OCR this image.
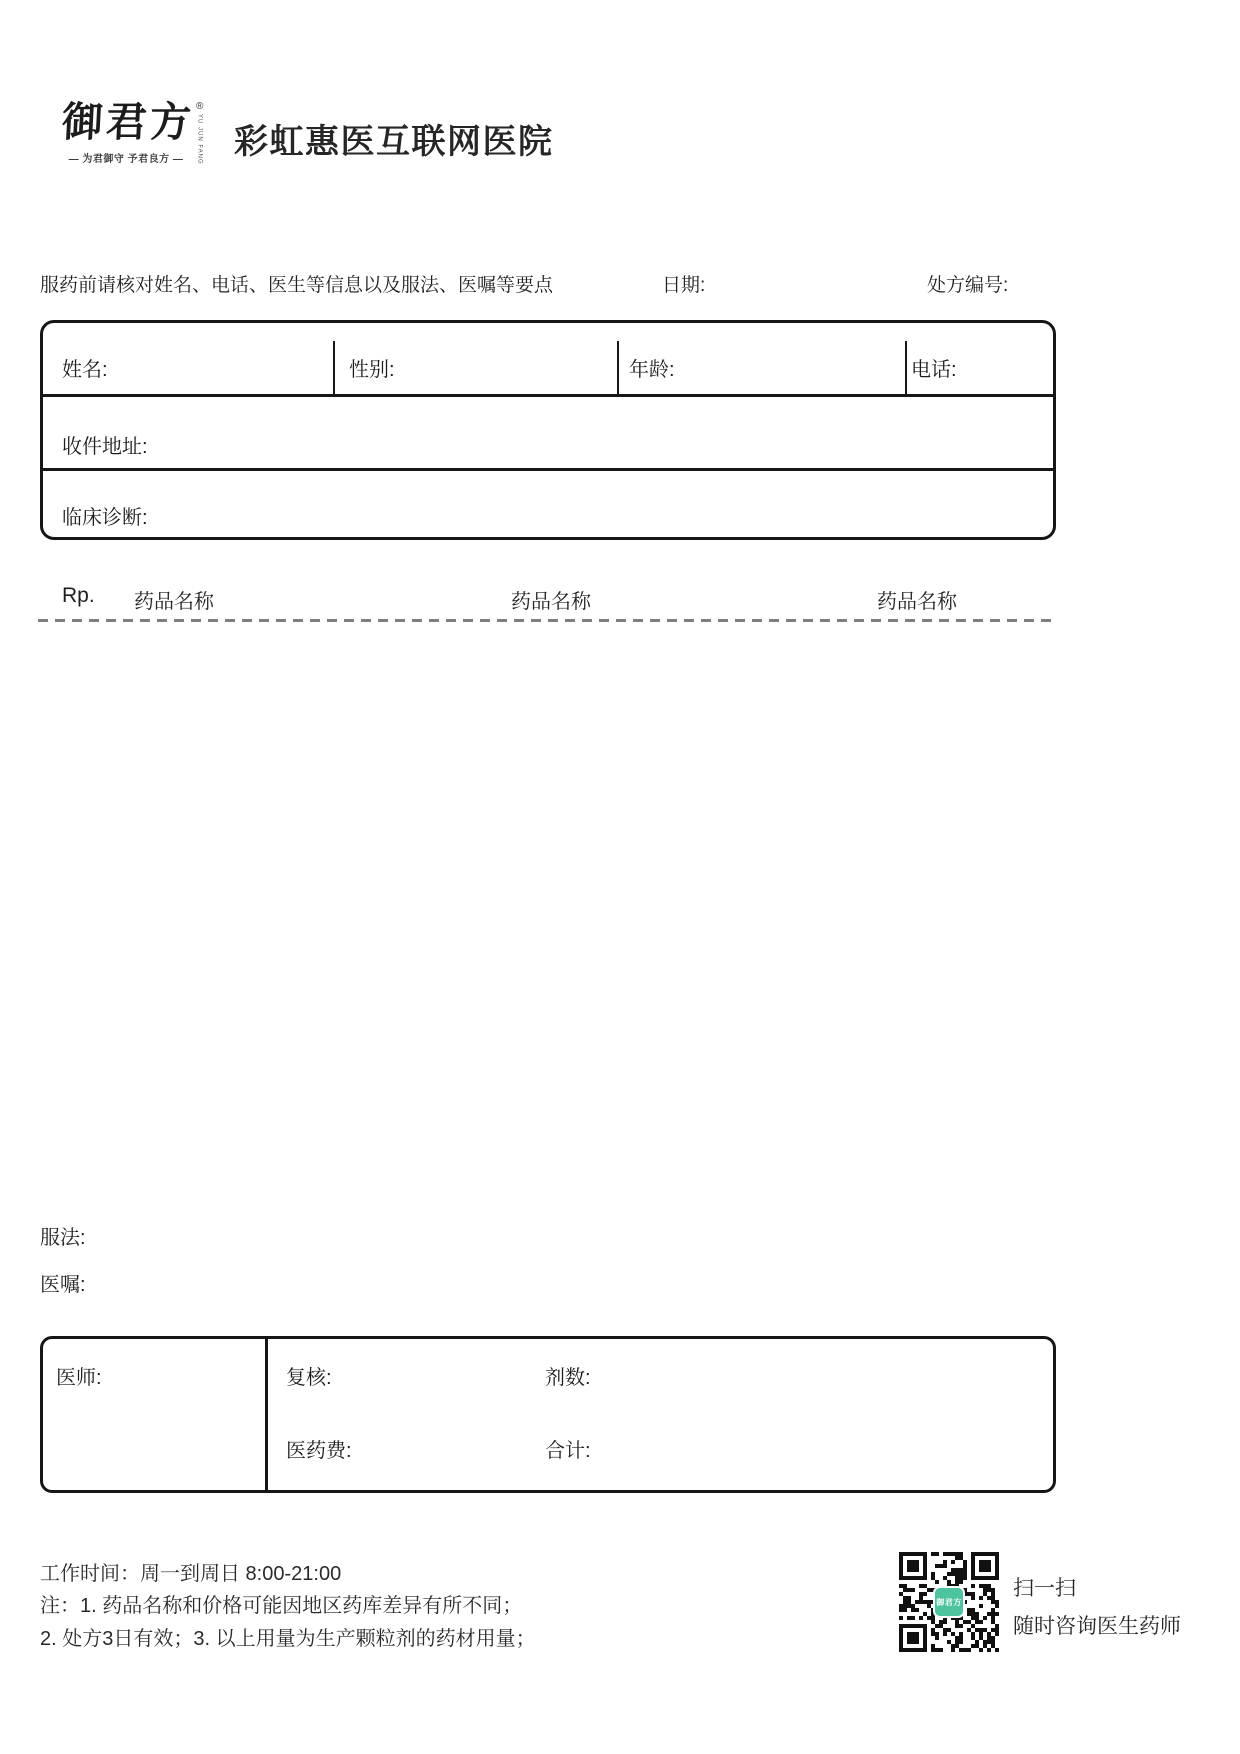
御君方 ®
YU JUN FANG
— 为君御守 予君良方 — 彩虹惠医互联网医院
服药前请核对姓名、电话、医生等信息以及服法、医嘱等要点	日期:	处方编号:
姓名:	性别:	年龄:	电话:
收件地址:
临床诊断:
Rp. 药品名称	药品名称	药品名称
服法:
医嘱:
医师:	复核:	剂数:
医药费:	合计:
工作时间：周一到周日 8:00-21:00
注：1. 药品名称和价格可能因地区药库差异有所不同；
2. 处方3日有效；3. 以上用量为生产颗粒剂的药材用量；
御君方
扫一扫
随时咨询医生药师
